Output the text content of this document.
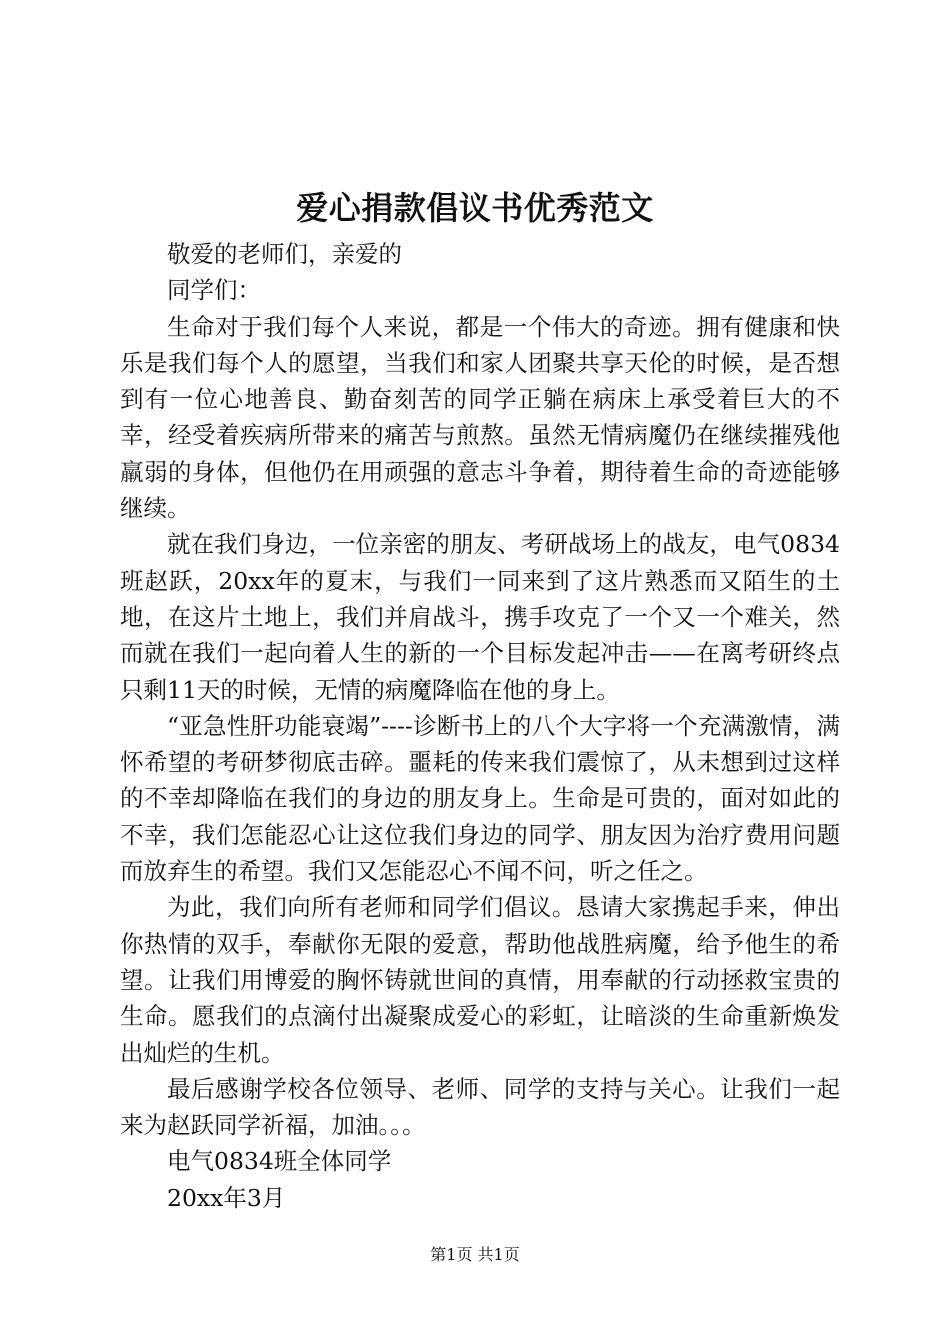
爱心捐款倡议书优秀范文

敬爱的老师们，亲爱的

同学们：

生命对于我们每个人来说，都是一个伟大的奇迹。拥有健康和快乐是我们每个人的愿望，当我们和家人团聚共享天伦的时候，是否想到有一位心地善良、勤奋刻苦的同学正躺在病床上承受着巨大的不幸，经受着疾病所带来的痛苦与煎熬。虽然无情病魔仍在继续摧残他羸弱的身体，但他仍在用顽强的意志斗争着，期待着生命的奇迹能够继续。

就在我们身边，一位亲密的朋友、考研战场上的战友，电气0834班赵跃，20xx年的夏末，与我们一同来到了这片熟悉而又陌生的土地，在这片土地上，我们并肩战斗，携手攻克了一个又一个难关，然而就在我们一起向着人生的新的一个目标发起冲击——在离考研终点只剩11天的时候，无情的病魔降临在他的身上。

“亚急性肝功能衰竭”----诊断书上的八个大字将一个充满激情，满怀希望的考研梦彻底击碎。噩耗的传来我们震惊了，从未想到过这样的不幸却降临在我们的身边的朋友身上。生命是可贵的，面对如此的不幸，我们怎能忍心让这位我们身边的同学、朋友因为治疗费用问题而放弃生的希望。我们又怎能忍心不闻不问，听之任之。

为此，我们向所有老师和同学们倡议。恳请大家携起手来，伸出你热情的双手，奉献你无限的爱意，帮助他战胜病魔，给予他生的希望。让我们用博爱的胸怀铸就世间的真情，用奉献的行动拯救宝贵的生命。愿我们的点滴付出凝聚成爱心的彩虹，让暗淡的生命重新焕发出灿烂的生机。

最后感谢学校各位领导、老师、同学的支持与关心。让我们一起来为赵跃同学祈福，加油。。。

电气0834班全体同学

20xx年3月

第1页 共1页
